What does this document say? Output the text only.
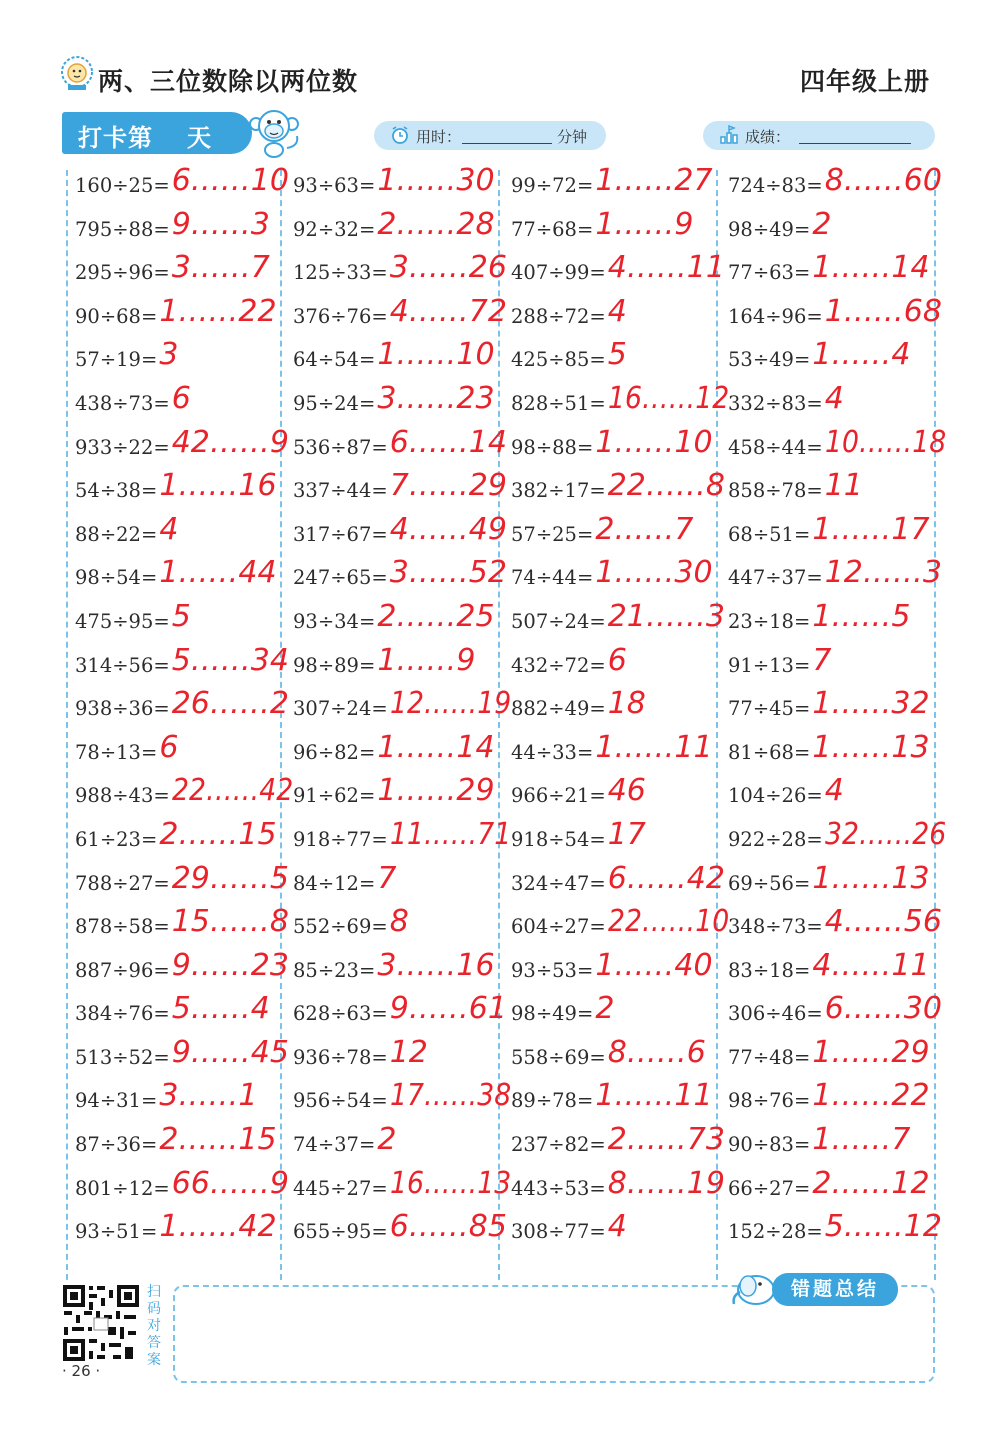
两、三位数除以两位数	四年级上册
打卡第 天	用时：	分钟	成绩：
160÷25= 6……10
795÷88= 9……3
295÷96= 3……7
90÷68= 1……22
57÷19= 3
438÷73= 6
933÷22= 42……9
54÷38= 1……16
88÷22= 4
98÷54= 1……44
475÷95= 5
314÷56= 5……34
938÷36= 26……2
78÷13= 6
988÷43= 22……42
61÷23= 2……15
788÷27= 29……5
878÷58= 15……8
887÷96= 9……23
384÷76= 5……4
513÷52= 9……45
94÷31= 3……1
87÷36= 2……15
801÷12= 66……9
93÷51= 1……42
93÷63= 1……30
92÷32= 2……28
125÷33= 3……26
376÷76= 4……72
64÷54= 1……10
95÷24= 3……23
536÷87= 6……14
337÷44= 7……29
317÷67= 4……49
247÷65= 3……52
93÷34= 2……25
98÷89= 1……9
307÷24= 12……19
96÷82= 1……14
91÷62= 1……29
918÷77= 11……71
84÷12= 7
552÷69= 8
85÷23= 3……16
628÷63= 9……61
936÷78= 12
956÷54= 17……38
74÷37= 2
445÷27= 16……13
655÷95= 6……85
99÷72= 1……27
77÷68= 1……9
407÷99= 4……11
288÷72= 4
425÷85= 5
828÷51= 16……12
98÷88= 1……10
382÷17= 22……8
57÷25= 2……7
74÷44= 1……30
507÷24= 21……3
432÷72= 6
882÷49= 18
44÷33= 1……11
966÷21= 46
918÷54= 17
324÷47= 6……42
604÷27= 22……10
93÷53= 1……40
98÷49= 2
558÷69= 8……6
89÷78= 1……11
237÷82= 2……73
443÷53= 8……19
308÷77= 4
724÷83= 8……60
98÷49= 2
77÷63= 1……14
164÷96= 1……68
53÷49= 1……4
332÷83= 4
458÷44= 10……18
858÷78= 11
68÷51= 1……17
447÷37= 12……3
23÷18= 1……5
91÷13= 7
77÷45= 1……32
81÷68= 1……13
104÷26= 4
922÷28= 32……26
69÷56= 1……13
348÷73= 4……56
83÷18= 4……11
306÷46= 6……30
77÷48= 1……29
98÷76= 1……22
90÷83= 1……7
66÷27= 2……12
152÷28= 5……12
扫码对答案
· 26 ·
错题总结
